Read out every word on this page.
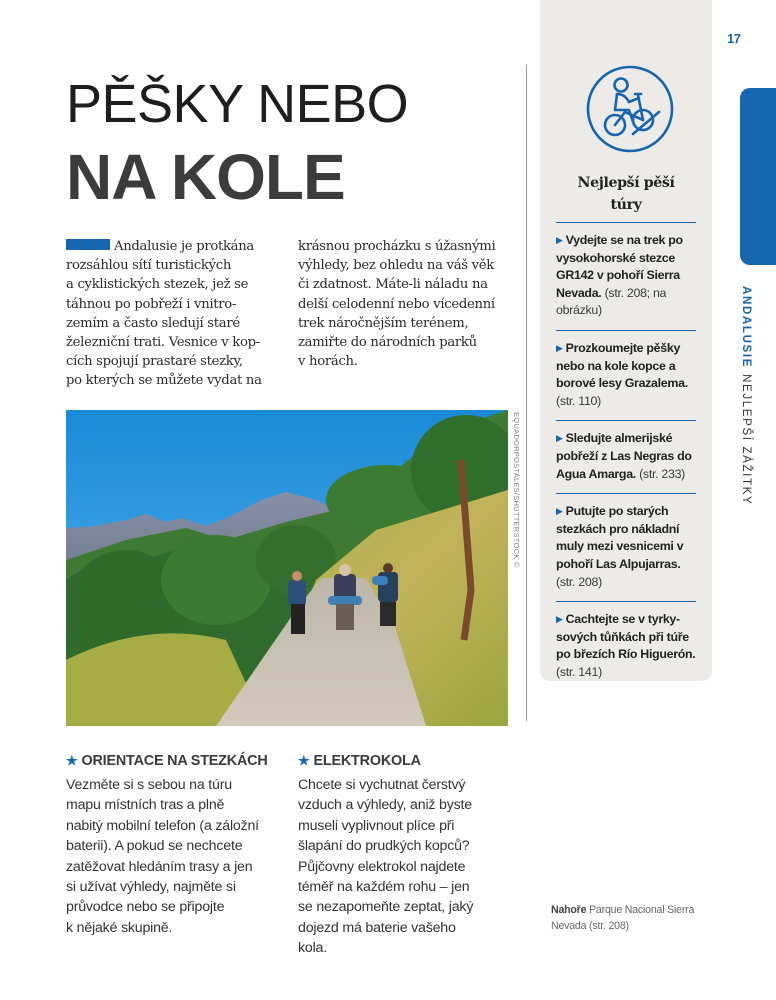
17
ANDALUSIENEJLEPŠÍ ZÁŽITKY
PĚŠKY NEBO
NA KOLE

Andalusie je protkána
rozsáhlou sítí turistických
a cyklistických stezek, jež se
táhnou po pobřeží i vnitro-
zemím a často sledují staré
železniční trati. Vesnice v kop-
cích spojují prastaré stezky,
po kterých se můžete vydat na

krásnou procházku s úžasnými
výhledy, bez ohledu na váš věk
či zdatnost. Máte-li náladu na
delší celodenní nebo vícedenní
trek náročnějším terénem,
zamiřte do národních parků
v horách.

EQUADORPOSTALES/SHUTTERSTOCK ©
★ ORIENTACE NA STEZKÁCH

Vezměte si s sebou na túru
mapu místních tras a plně
nabitý mobilní telefon (a záložní
baterii). A pokud se nechcete
zatěžovat hledáním trasy a jen
si užívat výhledy, najměte si
průvodce nebo se připojte
k nějaké skupině.

★ ELEKTROKOLA

Chcete si vychutnat čerstvý
vzduch a výhledy, aniž byste
museli vyplivnout plíce při
šlapání do prudkých kopců?
Půjčovny elektrokol najdete
téměř na každém rohu – jen
se nezapomeňte zeptat, jaký
dojezd má baterie vašeho
kola.

Nejlepší pěší
túry
▶ Vydejte se na trek po vysokohorské stezce GR142 v pohoří Sierra Nevada. (str. 208; na obrázku)
▶ Prozkoumejte pěšky nebo na kole kopce a borové lesy Grazalema. (str. 110)
▶ Sledujte almerijské pobřeží z Las Negras do Agua Amarga. (str. 233)
▶ Putujte po starých stezkách pro nákladní muly mezi vesnicemi v pohoří Las Alpujarras. (str. 208)
▶ Cachtejte se v tyrky-sových tůňkách při túře po březích Río Higuerón. (str. 141)
Nahoře Parque Nacional Sierra Nevada (str. 208)
